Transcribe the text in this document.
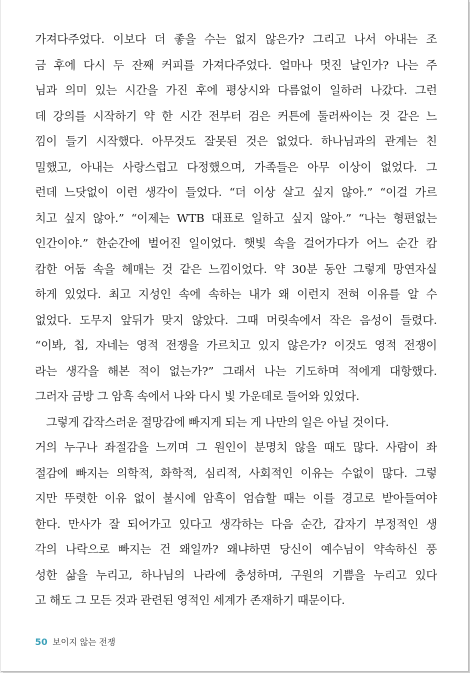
가져다주었다. 이보다 더 좋을 수는 없지 않은가? 그리고 나서 아내는 조
금 후에 다시 두 잔째 커피를 가져다주었다. 얼마나 멋진 날인가? 나는 주
님과 의미 있는 시간을 가진 후에 평상시와 다름없이 일하러 나갔다. 그런
데 강의를 시작하기 약 한 시간 전부터 검은 커튼에 둘러싸이는 것 같은 느
낌이 들기 시작했다. 아무것도 잘못된 것은 없었다. 하나님과의 관계는 친
밀했고, 아내는 사랑스럽고 다정했으며, 가족들은 아무 이상이 없었다. 그
런데 느닷없이 이런 생각이 들었다. “더 이상 살고 싶지 않아.” “이걸 가르
치고 싶지 않아.” “이제는 WTB 대표로 일하고 싶지 않아.” “나는 형편없는
인간이야.” 한순간에 벌어진 일이었다. 햇빛 속을 걸어가다가 어느 순간 캄
캄한 어둠 속을 헤매는 것 같은 느낌이었다. 약 30분 동안 그렇게 망연자실
하게 있었다. 최고 지성인 속에 속하는 내가 왜 이런지 전혀 이유를 알 수
없었다. 도무지 앞뒤가 맞지 않았다. 그때 머릿속에서 작은 음성이 들렸다.
“이봐, 칩, 자네는 영적 전쟁을 가르치고 있지 않은가? 이것도 영적 전쟁이
라는 생각을 해본 적이 없는가?” 그래서 나는 기도하며 적에게 대항했다.
그러자 금방 그 암흑 속에서 나와 다시 빛 가운데로 들어와 있었다.
그렇게 갑작스러운 절망감에 빠지게 되는 게 나만의 일은 아닐 것이다.
거의 누구나 좌절감을 느끼며 그 원인이 분명치 않을 때도 많다. 사람이 좌
절감에 빠지는 의학적, 화학적, 심리적, 사회적인 이유는 수없이 많다. 그렇
지만 뚜렷한 이유 없이 불시에 암흑이 엄습할 때는 이를 경고로 받아들여야
한다. 만사가 잘 되어가고 있다고 생각하는 다음 순간, 갑자기 부정적인 생
각의 나락으로 빠지는 건 왜일까? 왜냐하면 당신이 예수님이 약속하신 풍
성한 삶을 누리고, 하나님의 나라에 충성하며, 구원의 기쁨을 누리고 있다
고 해도 그 모든 것과 관련된 영적인 세계가 존재하기 때문이다.
50 보이지 않는 전쟁
